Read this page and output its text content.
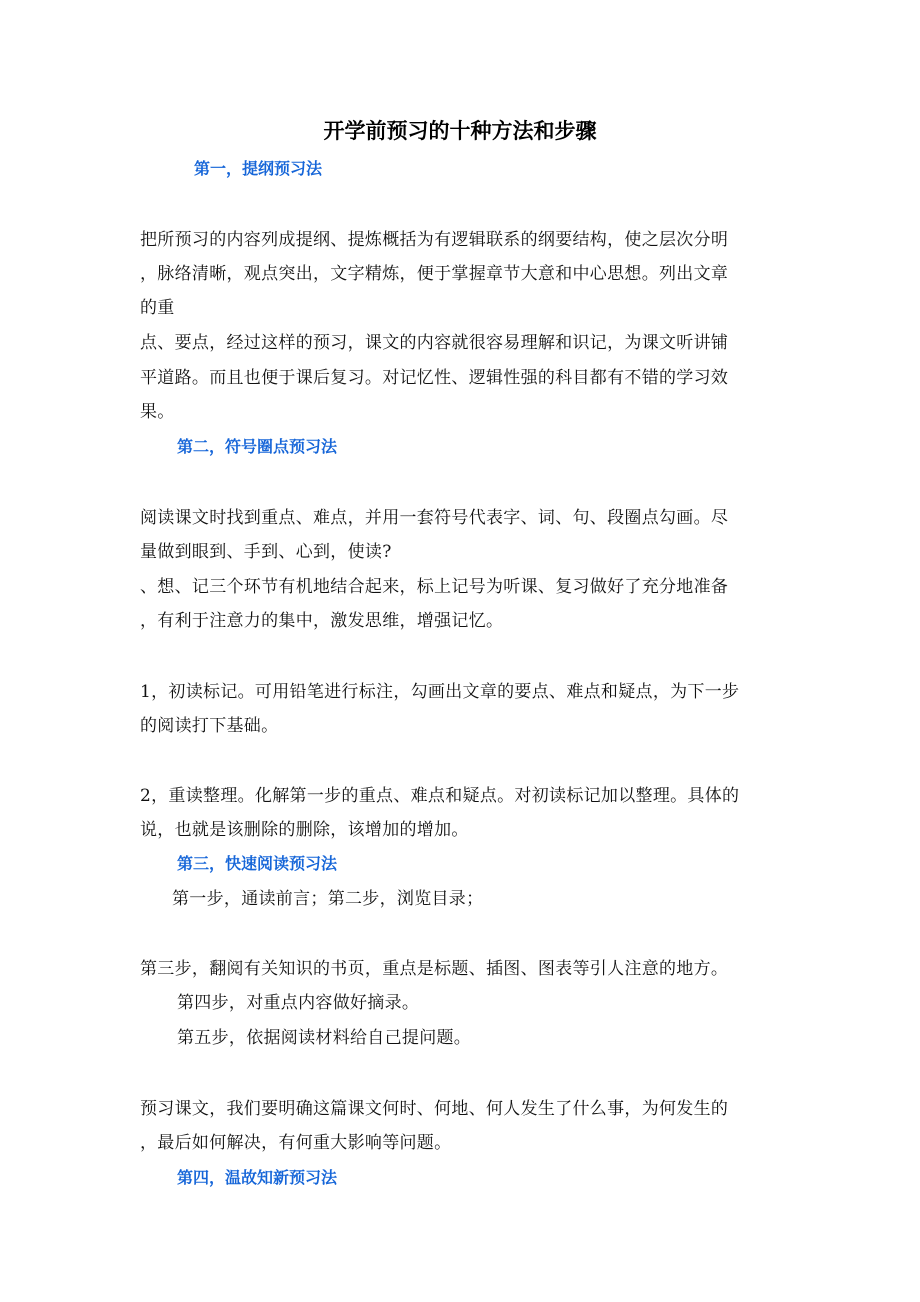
开学前预习的十种方法和步骤
第一，提纲预习法
把所预习的内容列成提纲、提炼概括为有逻辑联系的纲要结构，使之层次分明
，脉络清晰，观点突出，文字精炼，便于掌握章节大意和中心思想。列出文章
的重
点、要点，经过这样的预习，课文的内容就很容易理解和识记，为课文听讲铺
平道路。而且也便于课后复习。对记忆性、逻辑性强的科目都有不错的学习效
果。
第二，符号圈点预习法
阅读课文时找到重点、难点，并用一套符号代表字、词、句、段圈点勾画。尽
量做到眼到、手到、心到，使读?
、想、记三个环节有机地结合起来，标上记号为听课、复习做好了充分地准备
，有利于注意力的集中，激发思维，增强记忆。
1，初读标记。可用铅笔进行标注，勾画出文章的要点、难点和疑点，为下一步
的阅读打下基础。
2，重读整理。化解第一步的重点、难点和疑点。对初读标记加以整理。具体的
说，也就是该删除的删除，该增加的增加。
第三，快速阅读预习法
第一步，通读前言；第二步，浏览目录；
第三步，翻阅有关知识的书页，重点是标题、插图、图表等引人注意的地方。
第四步，对重点内容做好摘录。
第五步，依据阅读材料给自己提问题。
预习课文，我们要明确这篇课文何时、何地、何人发生了什么事，为何发生的
，最后如何解决，有何重大影响等问题。
第四，温故知新预习法
